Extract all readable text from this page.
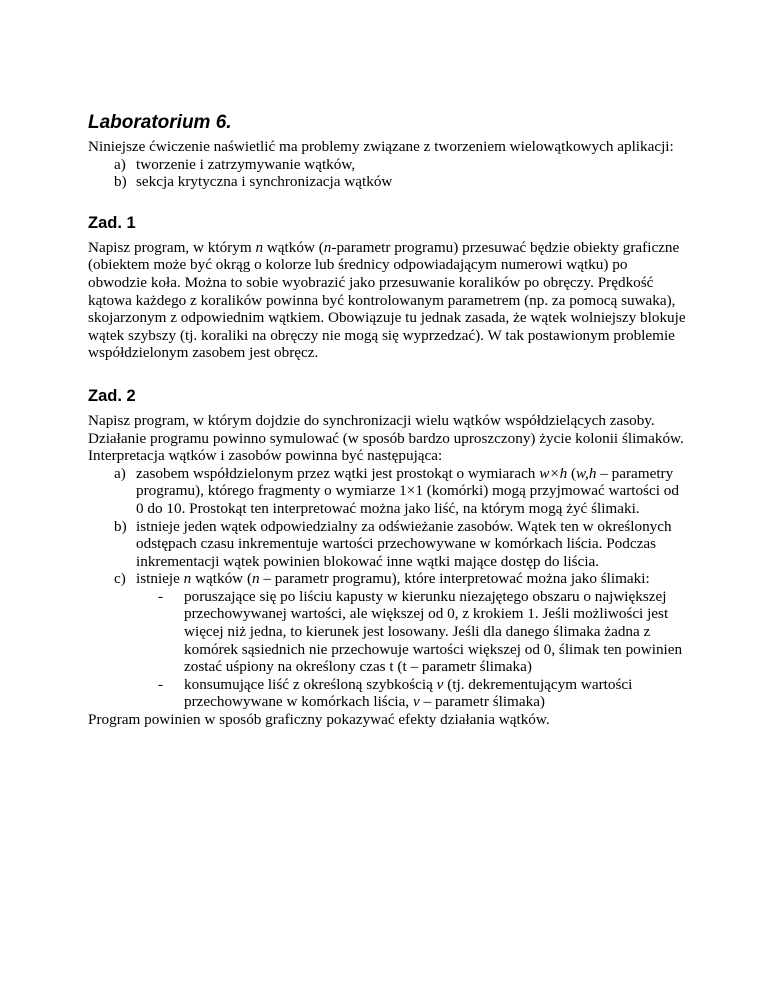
Laboratorium 6.

Niniejsze ćwiczenie naświetlić ma problemy związane z tworzeniem wielowątkowych aplikacji:

a) tworzenie i zatrzymywanie wątków,
b) sekcja krytyczna i synchronizacja wątków
Zad. 1

Napisz program, w którym n wątków (n-parametr programu) przesuwać będzie obiekty graficzne (obiektem może być okrąg o kolorze lub średnicy odpowiadającym numerowi wątku) po obwodzie koła. Można to sobie wyobrazić jako przesuwanie koralików po obręczy. Prędkość kątowa każdego z koralików powinna być kontrolowanym parametrem (np. za pomocą suwaka), skojarzonym z odpowiednim wątkiem. Obowiązuje tu jednak zasada, że wątek wolniejszy blokuje wątek szybszy (tj. koraliki na obręczy nie mogą się wyprzedzać). W tak postawionym problemie współdzielonym zasobem jest obręcz.

Zad. 2

Napisz program, w którym dojdzie do synchronizacji wielu wątków współdzielących zasoby. Działanie programu powinno symulować (w sposób bardzo uproszczony) życie kolonii ślimaków. Interpretacja wątków i zasobów powinna być następująca:

a) zasobem współdzielonym przez wątki jest prostokąt o wymiarach w×h (w,h – parametry programu), którego fragmenty o wymiarze 1×1 (komórki) mogą przyjmować wartości od 0 do 10. Prostokąt ten interpretować można jako liść, na którym mogą żyć ślimaki.
b) istnieje jeden wątek odpowiedzialny za odświeżanie zasobów. Wątek ten w określonych odstępach czasu inkrementuje wartości przechowywane w komórkach liścia. Podczas inkrementacji wątek powinien blokować inne wątki mające dostęp do liścia.
c) istnieje n wątków (n – parametr programu), które interpretować można jako ślimaki:
- poruszające się po liściu kapusty w kierunku niezajętego obszaru o największej przechowywanej wartości, ale większej od 0, z krokiem 1. Jeśli możliwości jest więcej niż jedna, to kierunek jest losowany. Jeśli dla danego ślimaka żadna z komórek sąsiednich nie przechowuje wartości większej od 0, ślimak ten powinien zostać uśpiony na określony czas t (t – parametr ślimaka)
- konsumujące liść z określoną szybkością v (tj. dekrementującym wartości przechowywane w komórkach liścia, v – parametr ślimaka)

Program powinien w sposób graficzny pokazywać efekty działania wątków.
